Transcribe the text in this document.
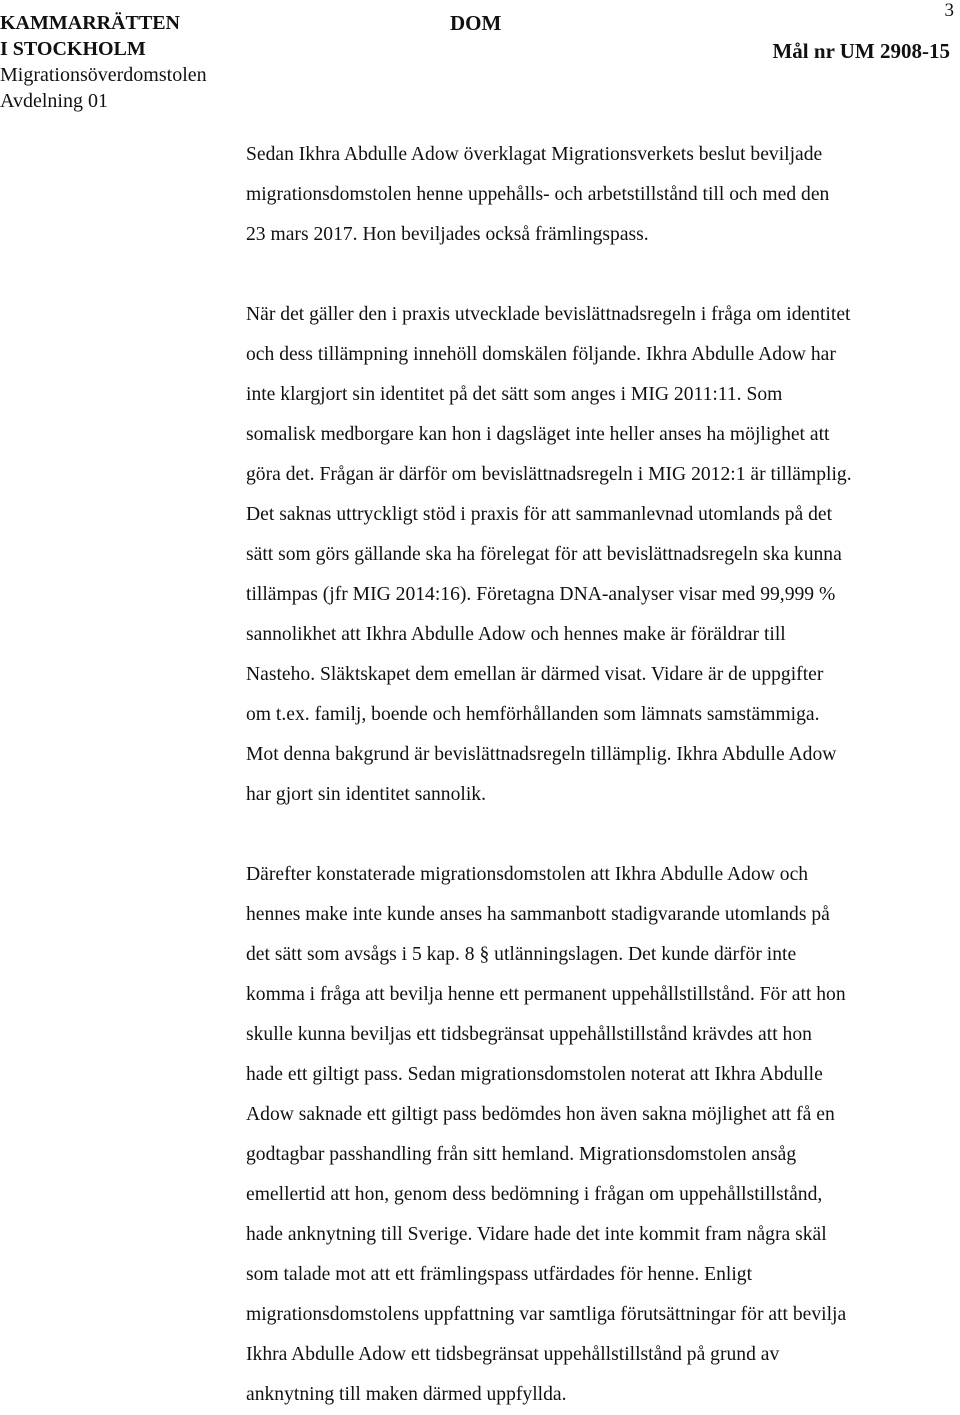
KAMMARRÄTTEN
I STOCKHOLM
Migrationsöverdomstolen
Avdelning 01
DOM
3
Mål nr UM 2908-15

Sedan Ikhra Abdulle Adow överklagat Migrationsverkets beslut beviljade
migrationsdomstolen henne uppehålls- och arbetstillstånd till och med den
23 mars 2017. Hon beviljades också främlingspass.

När det gäller den i praxis utvecklade bevislättnadsregeln i fråga om identitet
och dess tillämpning innehöll domskälen följande. Ikhra Abdulle Adow har
inte klargjort sin identitet på det sätt som anges i MIG 2011:11. Som
somalisk medborgare kan hon i dagsläget inte heller anses ha möjlighet att
göra det. Frågan är därför om bevislättnadsregeln i MIG 2012:1 är tillämplig.
Det saknas uttryckligt stöd i praxis för att sammanlevnad utomlands på det
sätt som görs gällande ska ha förelegat för att bevislättnadsregeln ska kunna
tillämpas (jfr MIG 2014:16). Företagna DNA-analyser visar med 99,999 %
sannolikhet att Ikhra Abdulle Adow och hennes make är föräldrar till
Nasteho. Släktskapet dem emellan är därmed visat. Vidare är de uppgifter
om t.ex. familj, boende och hemförhållanden som lämnats samstämmiga.
Mot denna bakgrund är bevislättnadsregeln tillämplig. Ikhra Abdulle Adow
har gjort sin identitet sannolik.

Därefter konstaterade migrationsdomstolen att Ikhra Abdulle Adow och
hennes make inte kunde anses ha sammanbott stadigvarande utomlands på
det sätt som avsågs i 5 kap. 8 § utlänningslagen. Det kunde därför inte
komma i fråga att bevilja henne ett permanent uppehållstillstånd. För att hon
skulle kunna beviljas ett tidsbegränsat uppehållstillstånd krävdes att hon
hade ett giltigt pass. Sedan migrationsdomstolen noterat att Ikhra Abdulle
Adow saknade ett giltigt pass bedömdes hon även sakna möjlighet att få en
godtagbar passhandling från sitt hemland. Migrationsdomstolen ansåg
emellertid att hon, genom dess bedömning i frågan om uppehållstillstånd,
hade anknytning till Sverige. Vidare hade det inte kommit fram några skäl
som talade mot att ett främlingspass utfärdades för henne. Enligt
migrationsdomstolens uppfattning var samtliga förutsättningar för att bevilja
Ikhra Abdulle Adow ett tidsbegränsat uppehållstillstånd på grund av
anknytning till maken därmed uppfyllda.
